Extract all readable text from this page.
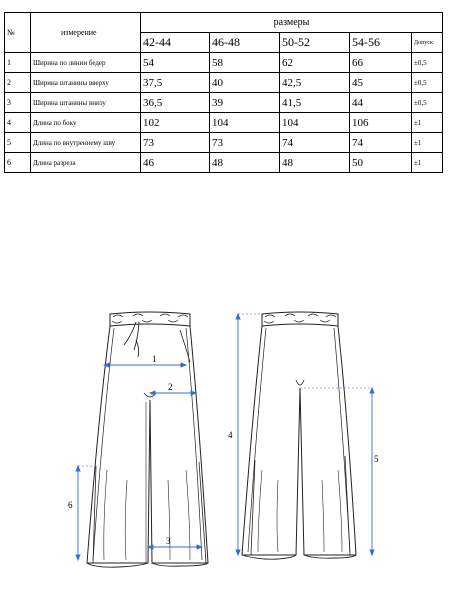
№	измерение	размеры				
		42-44	46-48	50-52	54-56	Допуск
1	Ширина по линии бедер	54	58	62	66	±0,5
2	Ширина штанины вверху	37,5	40	42,5	45	±0,5
3	Ширина штанины внизу	36,5	39	41,5	44	±0,5
4	Длина по боку	102	104	104	106	±1
5	Длина по внутреннему шву	73	73	74	74	±1
6	Длина разреза	46	48	48	50	±1
1
2
3
4
5
6
